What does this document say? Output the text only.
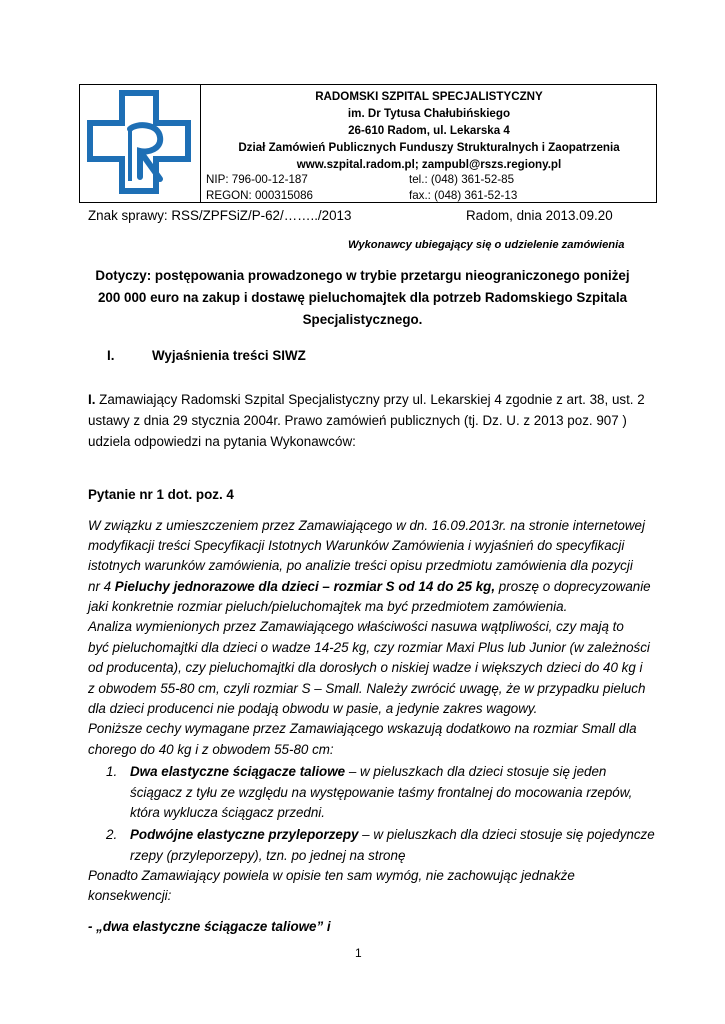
RADOMSKI SZPITAL SPECJALISTYCZNY
im. Dr Tytusa Chałubińskiego
26-610 Radom, ul. Lekarska 4
Dział Zamówień Publicznych Funduszy Strukturalnych i Zaopatrzenia
www.szpital.radom.pl; zampubl@rszs.regiony.pl
NIP: 796-00-12-187
REGON: 000315086
tel.: (048) 361-52-85
fax.: (048) 361-52-13
Znak sprawy: RSS/ZPFSiZ/P-62/……../2013	Radom, dnia 2013.09.20
Wykonawcy ubiegający się o udzielenie zamówienia
Dotyczy: postępowania prowadzonego w trybie przetargu nieograniczonego poniżej
200 000 euro na zakup i dostawę pieluchomajtek dla potrzeb Radomskiego Szpitala
Specjalistycznego.
I.	Wyjaśnienia treści SIWZ
I. Zamawiający Radomski Szpital Specjalistyczny przy ul. Lekarskiej 4 zgodnie z art. 38, ust. 2
ustawy z dnia 29 stycznia 2004r. Prawo zamówień publicznych (tj. Dz. U. z 2013 poz. 907 )
udziela odpowiedzi na pytania Wykonawców:
Pytanie nr 1 dot. poz. 4
W związku z umieszczeniem przez Zamawiającego w dn. 16.09.2013r. na stronie internetowej
modyfikacji treści Specyfikacji Istotnych Warunków Zamówienia i wyjaśnień do specyfikacji
istotnych warunków zamówienia, po analizie treści opisu przedmiotu zamówienia dla pozycji
nr 4 Pieluchy jednorazowe dla dzieci – rozmiar S od 14 do 25 kg, proszę o doprecyzowanie
jaki konkretnie rozmiar pieluch/pieluchomajtek ma być przedmiotem zamówienia.
Analiza wymienionych przez Zamawiającego właściwości nasuwa wątpliwości, czy mają to
być pieluchomajtki dla dzieci o wadze 14-25 kg, czy rozmiar Maxi Plus lub Junior (w zależności
od producenta), czy pieluchomajtki dla dorosłych o niskiej wadze i większych dzieci do 40 kg i
z obwodem 55-80 cm, czyli rozmiar S – Small. Należy zwrócić uwagę, że w przypadku pieluch
dla dzieci producenci nie podają obwodu w pasie, a jedynie zakres wagowy.
Poniższe cechy wymagane przez Zamawiającego wskazują dodatkowo na rozmiar Small dla
chorego do 40 kg i z obwodem 55-80 cm:
1. Dwa elastyczne ściągacze taliowe – w pieluszkach dla dzieci stosuje się jeden
ściągacz z tyłu ze względu na występowanie taśmy frontalnej do mocowania rzepów,
która wyklucza ściągacz przedni.
2. Podwójne elastyczne przyleporzepy – w pieluszkach dla dzieci stosuje się pojedyncze
rzepy (przyleporzepy), tzn. po jednej na stronę
Ponadto Zamawiający powiela w opisie ten sam wymóg, nie zachowując jednakże
konsekwencji:
- „dwa elastyczne ściągacze taliowe” i
1
